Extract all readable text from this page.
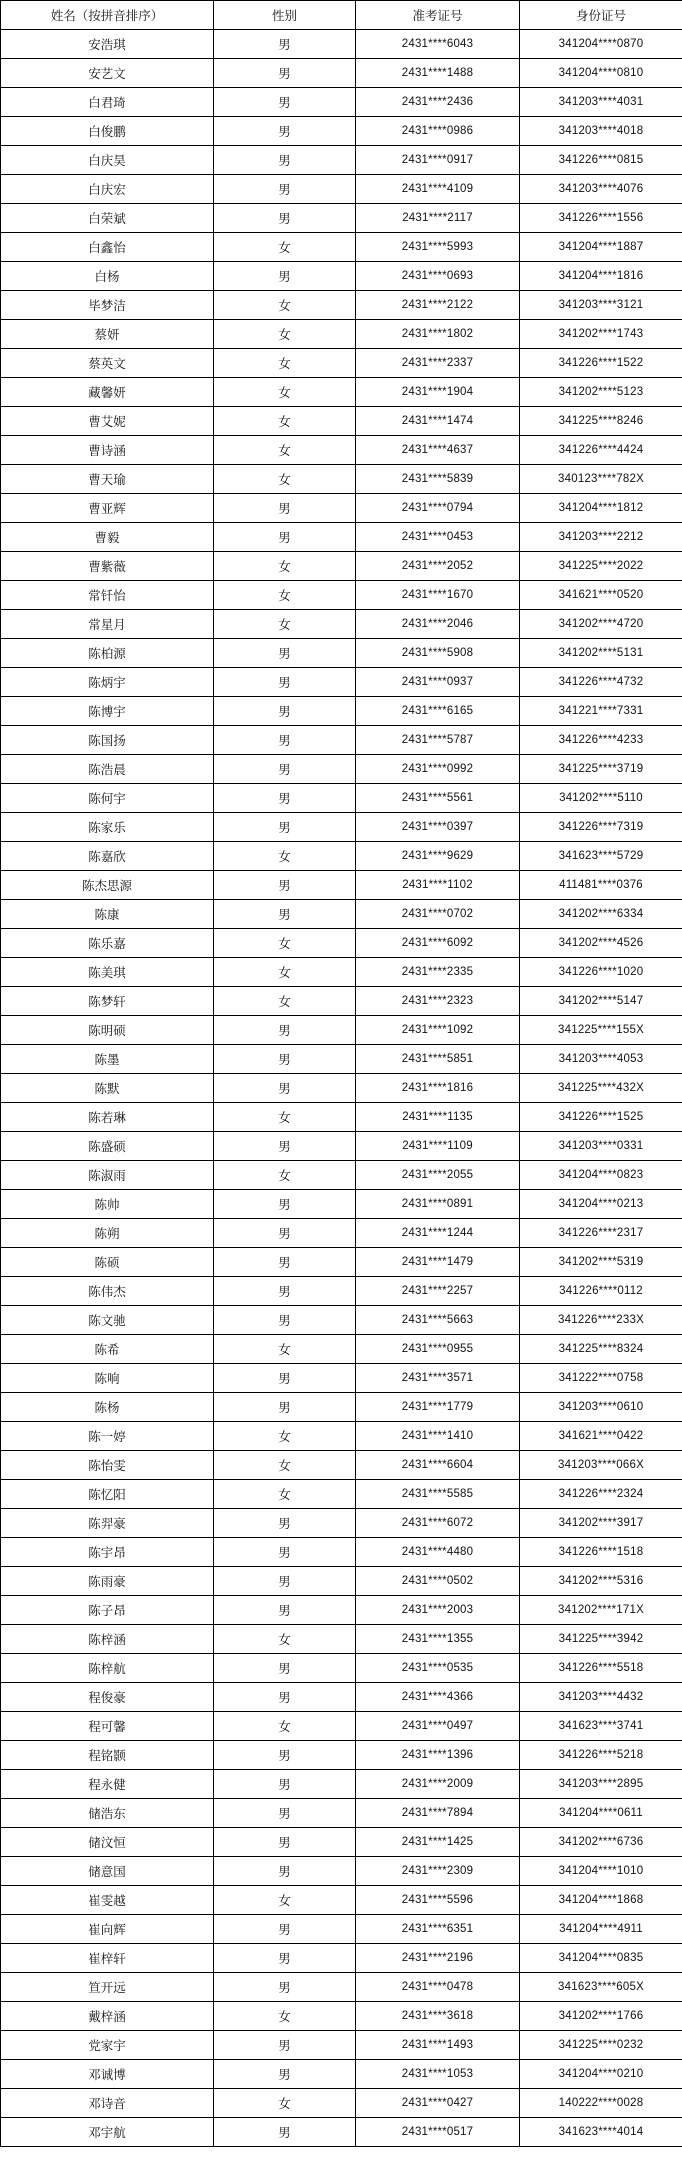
姓名（按拼音排序）	性别	准考证号	身份证号
安浩琪	男	2431****6043	341204****0870
安艺文	男	2431****1488	341204****0810
白君琦	男	2431****2436	341203****4031
白俊鹏	男	2431****0986	341203****4018
白庆昊	男	2431****0917	341226****0815
白庆宏	男	2431****4109	341203****4076
白荣斌	男	2431****2117	341226****1556
白鑫怡	女	2431****5993	341204****1887
白杨	男	2431****0693	341204****1816
毕梦洁	女	2431****2122	341203****3121
蔡妍	女	2431****1802	341202****1743
蔡英文	女	2431****2337	341226****1522
藏馨妍	女	2431****1904	341202****5123
曹艾妮	女	2431****1474	341225****8246
曹诗涵	女	2431****4637	341226****4424
曹天瑜	女	2431****5839	340123****782X
曹亚辉	男	2431****0794	341204****1812
曹毅	男	2431****0453	341203****2212
曹紫薇	女	2431****2052	341225****2022
常钎怡	女	2431****1670	341621****0520
常星月	女	2431****2046	341202****4720
陈柏源	男	2431****5908	341202****5131
陈炳宇	男	2431****0937	341226****4732
陈博宇	男	2431****6165	341221****7331
陈国扬	男	2431****5787	341226****4233
陈浩晨	男	2431****0992	341225****3719
陈何宇	男	2431****5561	341202****5110
陈家乐	男	2431****0397	341226****7319
陈嘉欣	女	2431****9629	341623****5729
陈杰思源	男	2431****1102	411481****0376
陈康	男	2431****0702	341202****6334
陈乐嘉	女	2431****6092	341202****4526
陈美琪	女	2431****2335	341226****1020
陈梦轩	女	2431****2323	341202****5147
陈明硕	男	2431****1092	341225****155X
陈墨	男	2431****5851	341203****4053
陈默	男	2431****1816	341225****432X
陈若琳	女	2431****1135	341226****1525
陈盛硕	男	2431****1109	341203****0331
陈淑雨	女	2431****2055	341204****0823
陈帅	男	2431****0891	341204****0213
陈朔	男	2431****1244	341226****2317
陈硕	男	2431****1479	341202****5319
陈伟杰	男	2431****2257	341226****0112
陈文驰	男	2431****5663	341226****233X
陈希	女	2431****0955	341225****8324
陈响	男	2431****3571	341222****0758
陈杨	男	2431****1779	341203****0610
陈一婷	女	2431****1410	341621****0422
陈怡雯	女	2431****6604	341203****066X
陈忆阳	女	2431****5585	341226****2324
陈羿豪	男	2431****6072	341202****3917
陈宇昂	男	2431****4480	341226****1518
陈雨豪	男	2431****0502	341202****5316
陈子昂	男	2431****2003	341202****171X
陈梓涵	女	2431****1355	341225****3942
陈梓航	男	2431****0535	341226****5518
程俊豪	男	2431****4366	341203****4432
程可馨	女	2431****0497	341623****3741
程铭颢	男	2431****1396	341226****5218
程永健	男	2431****2009	341203****2895
储浩东	男	2431****7894	341204****0611
储汶恒	男	2431****1425	341202****6736
储意国	男	2431****2309	341204****1010
崔雯越	女	2431****5596	341204****1868
崔向辉	男	2431****6351	341204****4911
崔梓轩	男	2431****2196	341204****0835
笪开远	男	2431****0478	341623****605X
戴梓涵	女	2431****3618	341202****1766
党家宇	男	2431****1493	341225****0232
邓诚博	男	2431****1053	341204****0210
邓诗音	女	2431****0427	140222****0028
邓宇航	男	2431****0517	341623****4014
